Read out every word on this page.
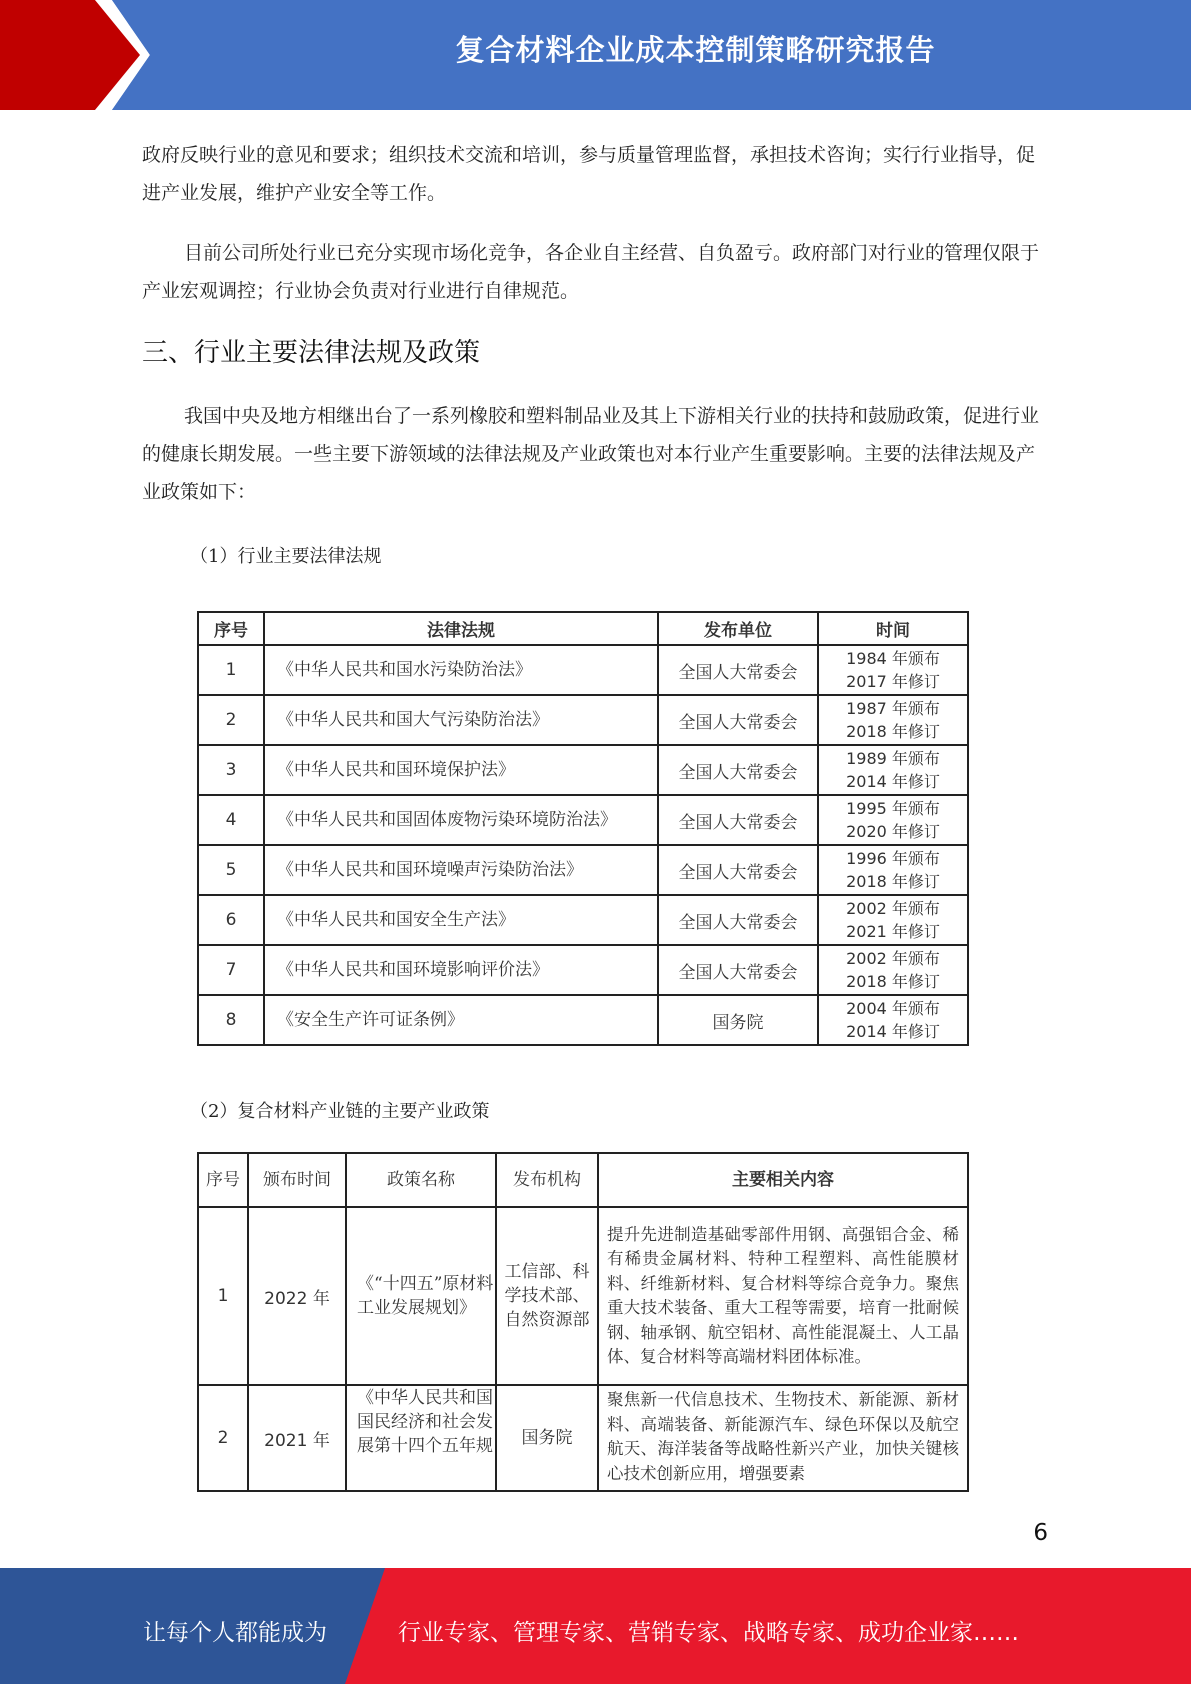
复合材料企业成本控制策略研究报告
政府反映行业的意见和要求；组织技术交流和培训，参与质量管理监督，承担技术咨询；实行行业指导，促进产业发展，维护产业安全等工作。
目前公司所处行业已充分实现市场化竞争，各企业自主经营、自负盈亏。政府部门对行业的管理仅限于产业宏观调控；行业协会负责对行业进行自律规范。
三、行业主要法律法规及政策
我国中央及地方相继出台了一系列橡胶和塑料制品业及其上下游相关行业的扶持和鼓励政策，促进行业的健康长期发展。一些主要下游领域的法律法规及产业政策也对本行业产生重要影响。主要的法律法规及产业政策如下：
（1）行业主要法律法规
序号	法律法规	发布单位	时间
1	《中华人民共和国水污染防治法》	全国人大常委会	1984 年颁布
2017 年修订
2	《中华人民共和国大气污染防治法》	全国人大常委会	1987 年颁布
2018 年修订
3	《中华人民共和国环境保护法》	全国人大常委会	1989 年颁布
2014 年修订
4	《中华人民共和国固体废物污染环境防治法》	全国人大常委会	1995 年颁布
2020 年修订
5	《中华人民共和国环境噪声污染防治法》	全国人大常委会	1996 年颁布
2018 年修订
6	《中华人民共和国安全生产法》	全国人大常委会	2002 年颁布
2021 年修订
7	《中华人民共和国环境影响评价法》	全国人大常委会	2002 年颁布
2018 年修订
8	《安全生产许可证条例》	国务院	2004 年颁布
2014 年修订
（2）复合材料产业链的主要产业政策
序号	颁布时间	政策名称	发布机构	主要相关内容
1	2022 年	《“十四五”原材料工业发展规划》	工信部、科学技术部、自然资源部	提升先进制造基础零部件用钢、高强铝合金、稀有稀贵金属材料、特种工程塑料、高性能膜材料、纤维新材料、复合材料等综合竞争力。聚焦重大技术装备、重大工程等需要，培育一批耐候钢、轴承钢、航空铝材、高性能混凝土、人工晶体、复合材料等高端材料团体标准。
2	2021 年	《中华人民共和国国民经济和社会发展第十四个五年规	国务院	聚焦新一代信息技术、生物技术、新能源、新材料、高端装备、新能源汽车、绿色环保以及航空航天、海洋装备等战略性新兴产业，加快关键核心技术创新应用，增强要素
6
让每个人都能成为	行业专家、管理专家、营销专家、战略专家、成功企业家……
